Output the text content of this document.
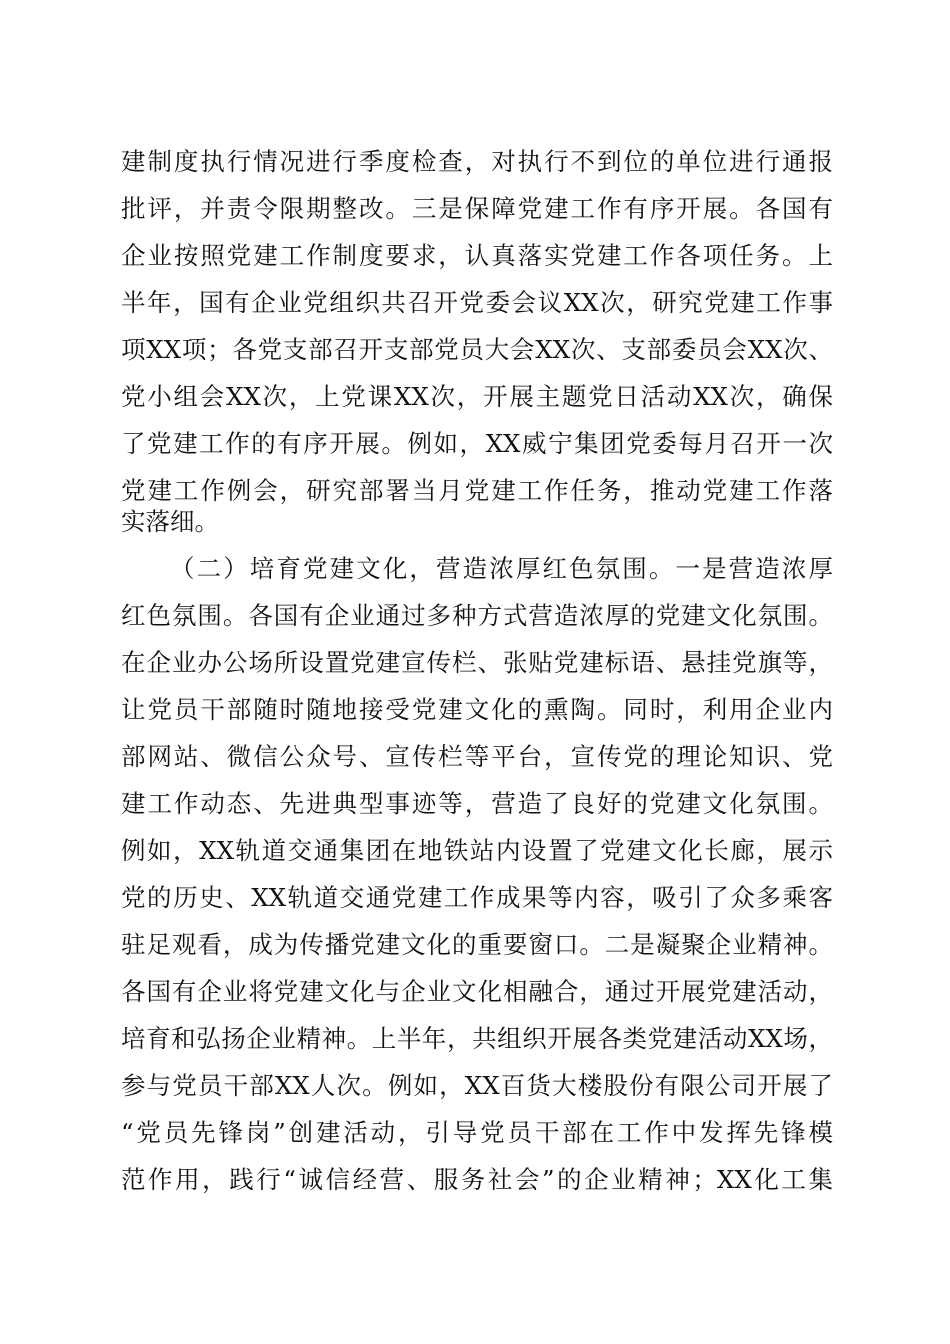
建制度执行情况进行季度检查，对执行不到位的单位进行通报
批评，并责令限期整改。三是保障党建工作有序开展。各国有
企业按照党建工作制度要求，认真落实党建工作各项任务。上
半年，国有企业党组织共召开党委会议XX次，研究党建工作事
项XX项；各党支部召开支部党员大会XX次、支部委员会XX次、
党小组会XX次，上党课XX次，开展主题党日活动XX次，确保
了党建工作的有序开展。例如，XX威宁集团党委每月召开一次
党建工作例会，研究部署当月党建工作任务，推动党建工作落
实落细。
（二）培育党建文化，营造浓厚红色氛围。一是营造浓厚
红色氛围。各国有企业通过多种方式营造浓厚的党建文化氛围。
在企业办公场所设置党建宣传栏、张贴党建标语、悬挂党旗等，
让党员干部随时随地接受党建文化的熏陶。同时，利用企业内
部网站、微信公众号、宣传栏等平台，宣传党的理论知识、党
建工作动态、先进典型事迹等，营造了良好的党建文化氛围。
例如，XX轨道交通集团在地铁站内设置了党建文化长廊，展示
党的历史、XX轨道交通党建工作成果等内容，吸引了众多乘客
驻足观看，成为传播党建文化的重要窗口。二是凝聚企业精神。
各国有企业将党建文化与企业文化相融合，通过开展党建活动，
培育和弘扬企业精神。上半年，共组织开展各类党建活动XX场，
参与党员干部XX人次。例如，XX百货大楼股份有限公司开展了
“党员先锋岗”创建活动，引导党员干部在工作中发挥先锋模
范作用，践行“诚信经营、服务社会”的企业精神；XX化工集
